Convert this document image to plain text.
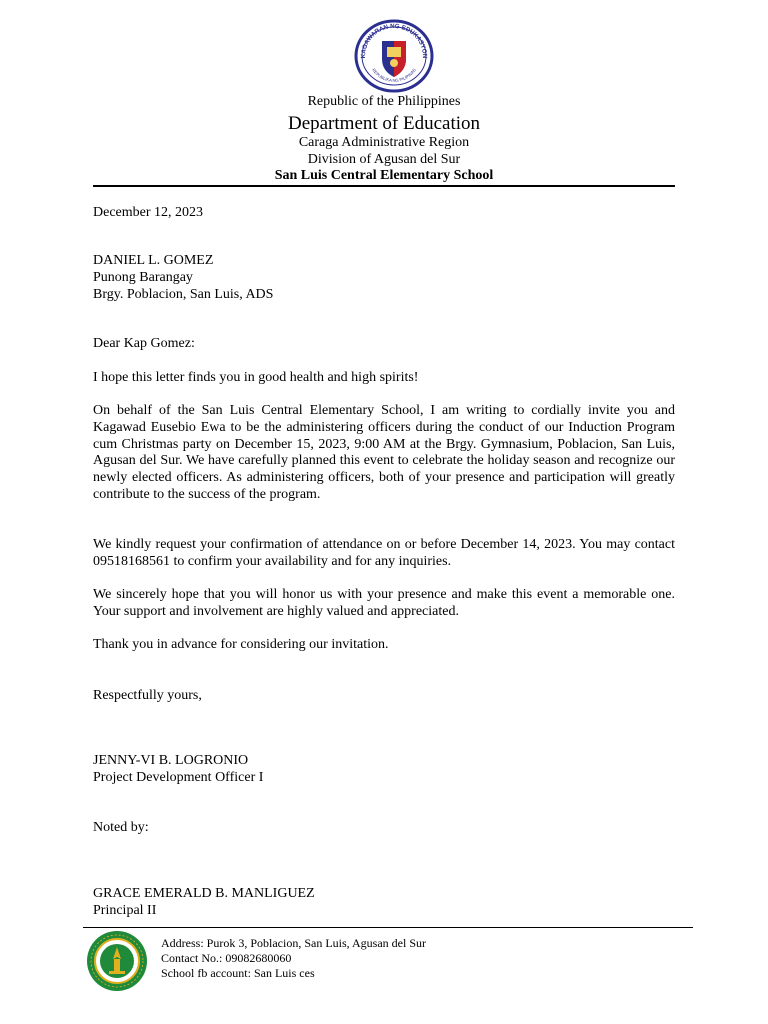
KAGAWARAN NG EDUKASYON
REPUBLIKA NG PILIPINAS
Republic of the Philippines
Department of Education
Caraga Administrative Region
Division of Agusan del Sur
San Luis Central Elementary School
December 12, 2023
DANIEL L. GOMEZ
Punong Barangay
Brgy. Poblacion, San Luis, ADS
Dear Kap Gomez:
I hope this letter finds you in good health and high spirits!
On behalf of the San Luis Central Elementary School, I am writing to cordially invite you and Kagawad Eusebio Ewa to be the administering officers during the conduct of our Induction Program cum Christmas party on December 15, 2023, 9:00 AM at the Brgy. Gymnasium, Poblacion, San Luis, Agusan del Sur. We have carefully planned this event to celebrate the holiday season and recognize our newly elected officers. As administering officers, both of your presence and participation will greatly contribute to the success of the program.
We kindly request your confirmation of attendance on or before December 14, 2023. You may contact 09518168561 to confirm your availability and for any inquiries.
We sincerely hope that you will honor us with your presence and make this event a memorable one. Your support and involvement are highly valued and appreciated.
Thank you in advance for considering our invitation.
Respectfully yours,
JENNY-VI B. LOGRONIO
Project Development Officer I
Noted by:
GRACE EMERALD B. MANLIGUEZ
Principal II
Address: Purok 3, Poblacion, San Luis, Agusan del Sur
Contact No.: 09082680060
School fb account: San Luis ces
